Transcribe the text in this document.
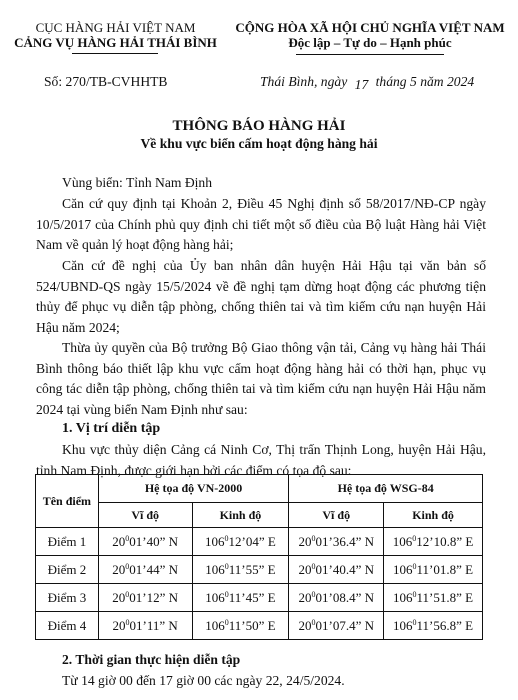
CỤC HÀNG HẢI VIỆT NAM
CẢNG VỤ HÀNG HẢI THÁI BÌNH
CỘNG HÒA XÃ HỘI CHỦ NGHĨA VIỆT NAM
Độc lập – Tự do – Hạnh phúc
Số: 270/TB-CVHHTB	Thái Bình, ngày 17 tháng 5 năm 2024
THÔNG BÁO HÀNG HẢI
Về khu vực biển cấm hoạt động hàng hải
Vùng biển: Tỉnh Nam Định
Căn cứ quy định tại Khoản 2, Điều 45 Nghị định số 58/2017/NĐ-CP ngày 10/5/2017 của Chính phủ quy định chi tiết một số điều của Bộ luật Hàng hải Việt Nam về quản lý hoạt động hàng hải;
Căn cứ đề nghị của Ủy ban nhân dân huyện Hải Hậu tại văn bản số 524/UBND-QS ngày 15/5/2024 về đề nghị tạm dừng hoạt động các phương tiện thủy để phục vụ diễn tập phòng, chống thiên tai và tìm kiếm cứu nạn huyện Hải Hậu năm 2024;
Thừa ủy quyền của Bộ trưởng Bộ Giao thông vận tải, Cảng vụ hàng hải Thái Bình thông báo thiết lập khu vực cấm hoạt động hàng hải có thời hạn, phục vụ công tác diễn tập phòng, chống thiên tai và tìm kiếm cứu nạn huyện Hải Hậu năm 2024 tại vùng biển Nam Định như sau:
1. Vị trí diễn tập
Khu vực thủy diện Cảng cá Ninh Cơ, Thị trấn Thịnh Long, huyện Hải Hậu, tỉnh Nam Định, được giới hạn bởi các điểm có tọa độ sau:
Tên điểm	Hệ tọa độ VN-2000		Hệ tọa độ WSG-84	
	Vĩ độ	Kinh độ	Vĩ độ	Kinh độ
Điểm 1	$20^001’40$” N	$106^012’04$” E	$20^001’36.4$” N	$106^012’10.8$” E
Điểm 2	$20^001’44$” N	$106^011’55$” E	$20^001’40.4$” N	$106^011’01.8$” E
Điểm 3	$20^001’12$” N	$106^011’45$” E	$20^001’08.4$” N	$106^011’51.8$” E
Điểm 4	$20^001’11$” N	$106^011’50$” E	$20^001’07.4$” N	$106^011’56.8$” E
2. Thời gian thực hiện diễn tập
Từ 14 giờ 00 đến 17 giờ 00 các ngày 22, 24/5/2024.
